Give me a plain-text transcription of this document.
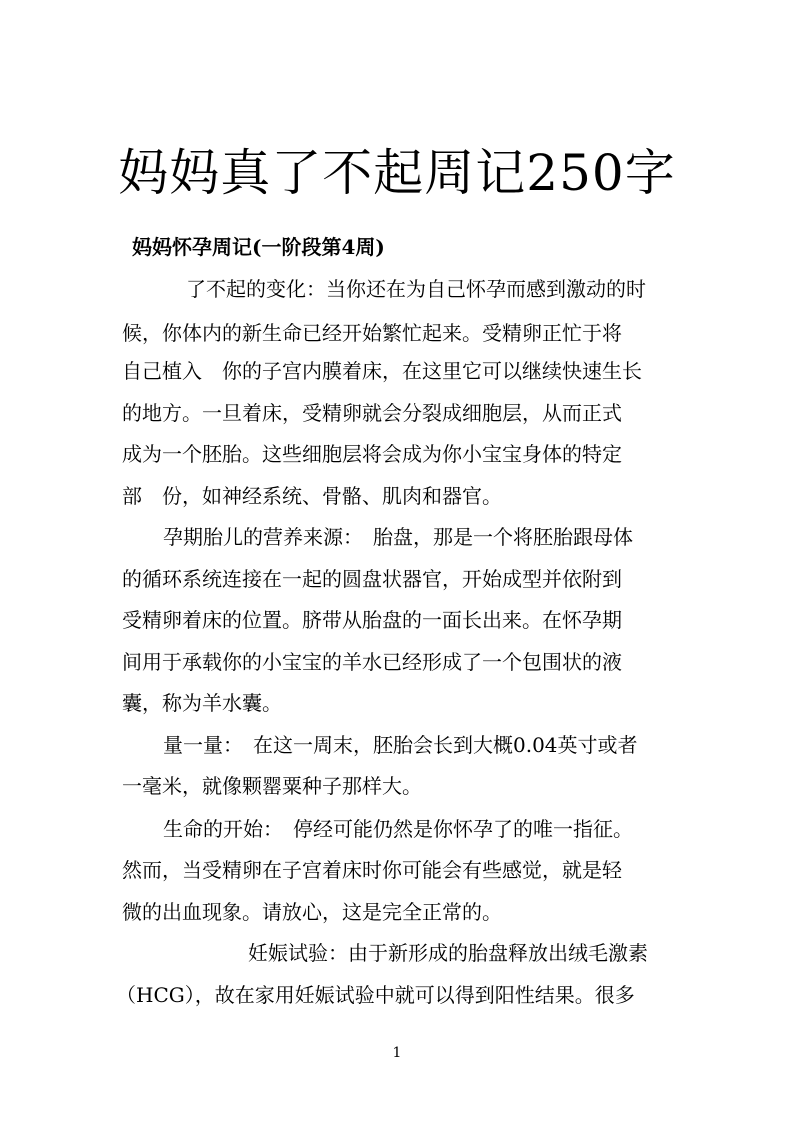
妈妈真了不起周记250字

妈妈怀孕周记(一阶段第4周)

了不起的变化：当你还在为自己怀孕而感到激动的时

候，你体内的新生命已经开始繁忙起来。受精卵正忙于将

自己植入　你的子宫内膜着床，在这里它可以继续快速生长

的地方。一旦着床，受精卵就会分裂成细胞层，从而正式

成为一个胚胎。这些细胞层将会成为你小宝宝身体的特定

部　份，如神经系统、骨骼、肌肉和器官。

孕期胎儿的营养来源：　胎盘，那是一个将胚胎跟母体

的循环系统连接在一起的圆盘状器官，开始成型并依附到

受精卵着床的位置。脐带从胎盘的一面长出来。在怀孕期

间用于承载你的小宝宝的羊水已经形成了一个包围状的液

囊，称为羊水囊。

量一量：　在这一周末，胚胎会长到大概0.04英寸或者

一毫米，就像颗罂粟种子那样大。

生命的开始：　停经可能仍然是你怀孕了的唯一指征。

然而，当受精卵在子宫着床时你可能会有些感觉，就是轻

微的出血现象。请放心，这是完全正常的。

妊娠试验：由于新形成的胎盘释放出绒毛激素

（HCG），故在家用妊娠试验中就可以得到阳性结果。很多

1
